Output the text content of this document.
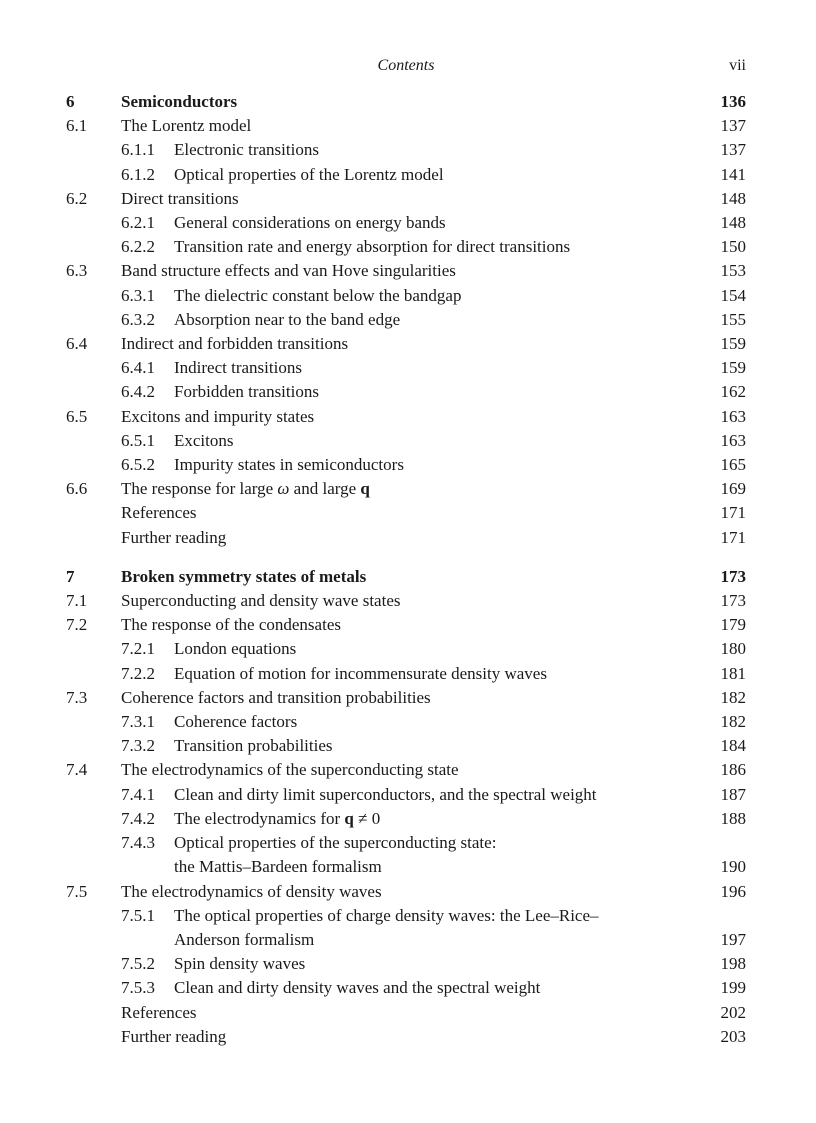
Contents	vii
6	Semiconductors	136
6.1	The Lorentz model	137
6.1.1	Electronic transitions	137
6.1.2	Optical properties of the Lorentz model	141
6.2	Direct transitions	148
6.2.1	General considerations on energy bands	148
6.2.2	Transition rate and energy absorption for direct transitions	150
6.3	Band structure effects and van Hove singularities	153
6.3.1	The dielectric constant below the bandgap	154
6.3.2	Absorption near to the band edge	155
6.4	Indirect and forbidden transitions	159
6.4.1	Indirect transitions	159
6.4.2	Forbidden transitions	162
6.5	Excitons and impurity states	163
6.5.1	Excitons	163
6.5.2	Impurity states in semiconductors	165
6.6	The response for large ω and large q	169
References	171
Further reading	171
7	Broken symmetry states of metals	173
7.1	Superconducting and density wave states	173
7.2	The response of the condensates	179
7.2.1	London equations	180
7.2.2	Equation of motion for incommensurate density waves	181
7.3	Coherence factors and transition probabilities	182
7.3.1	Coherence factors	182
7.3.2	Transition probabilities	184
7.4	The electrodynamics of the superconducting state	186
7.4.1	Clean and dirty limit superconductors, and the spectral weight	187
7.4.2	The electrodynamics for q ≠ 0	188
7.4.3 Optical properties of the superconducting state:
the Mattis–Bardeen formalism	190
7.5	The electrodynamics of density waves	196
7.5.1 The optical properties of charge density waves: the Lee–Rice–
Anderson formalism	197
7.5.2	Spin density waves	198
7.5.3	Clean and dirty density waves and the spectral weight	199
References	202
Further reading	203
